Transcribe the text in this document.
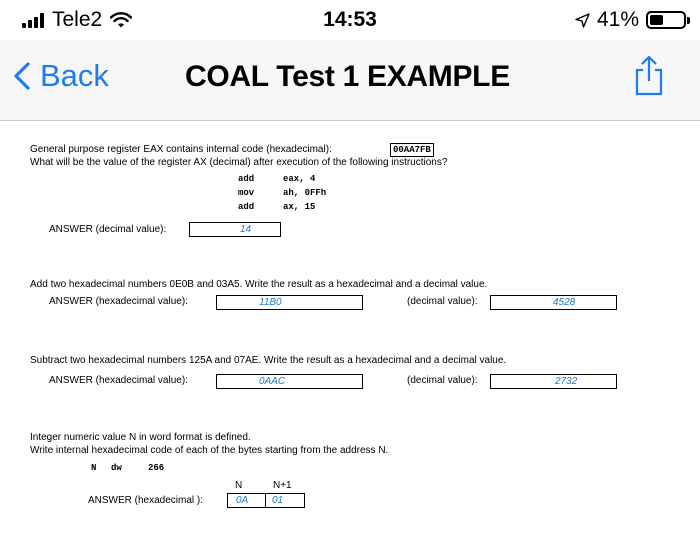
Tele2	14:53	41%
Back	COAL Test 1 EXAMPLE
General purpose register EAX contains internal code (hexadecimal):	00AA7FB
What will be the value of the register AX (decimal) after execution of the following instructions?
add	eax, 4
mov	ah, 0FFh
add	ax, 15
ANSWER (decimal value):	14
Add two hexadecimal numbers 0E0B and 03A5. Write the result as a hexadecimal and a decimal value.
ANSWER (hexadecimal value):	11B0	(decimal value):	4528
Subtract two hexadecimal numbers 125A and 07AE. Write the result as a hexadecimal and a decimal value.
ANSWER (hexadecimal value):	0AAC	(decimal value):	2732
Integer numeric value N in word format is defined.
Write internal hexadecimal code of each of the bytes starting from the address N.
N dw	266
N	N+1
ANSWER (hexadecimal ):	0A 01
